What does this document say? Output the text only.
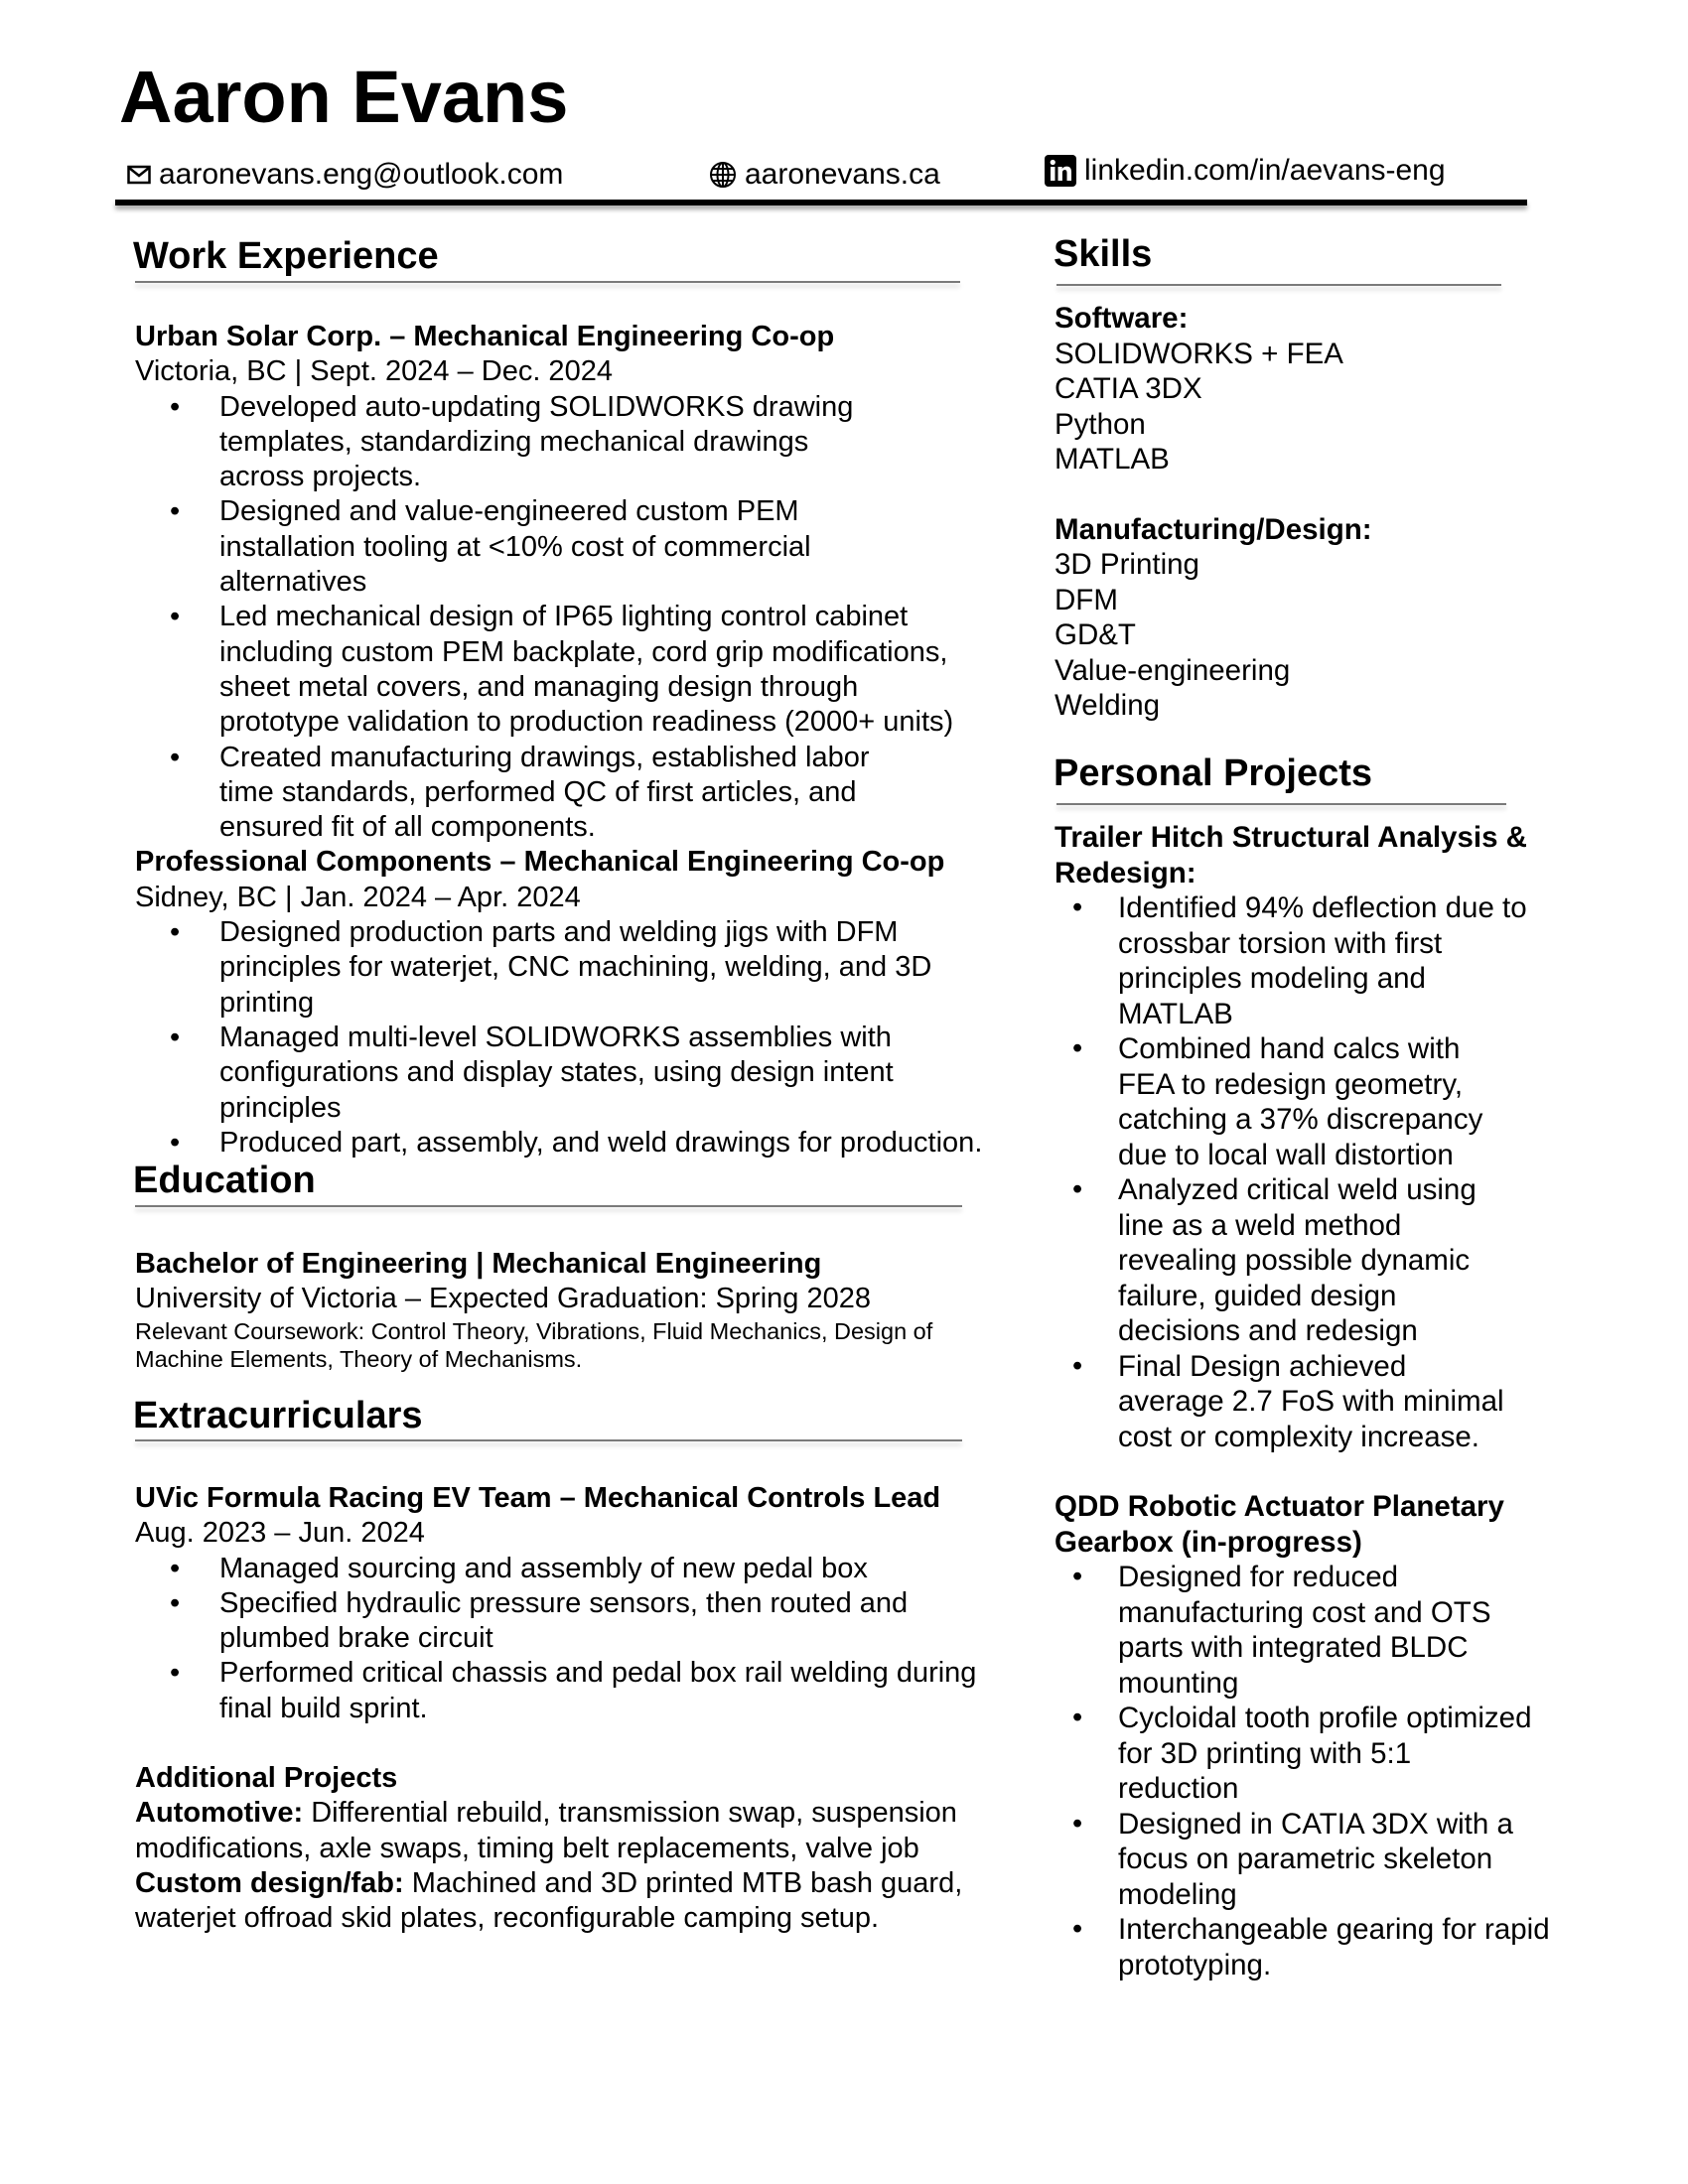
Aaron Evans
aaronevans.eng@outlook.com	aaronevans.ca	linkedin.com/in/aevans-eng
Work Experience
Urban Solar Corp. – Mechanical Engineering Co-op
Victoria, BC | Sept. 2024 – Dec. 2024
• Developed auto-updating SOLIDWORKS drawing templates, standardizing mechanical drawings across projects.
• Designed and value-engineered custom PEM installation tooling at <10% cost of commercial alternatives
• Led mechanical design of IP65 lighting control cabinet including custom PEM backplate, cord grip modifications, sheet metal covers, and managing design through prototype validation to production readiness (2000+ units)
• Created manufacturing drawings, established labor time standards, performed QC of first articles, and ensured fit of all components.
Professional Components – Mechanical Engineering Co-op
Sidney, BC | Jan. 2024 – Apr. 2024
• Designed production parts and welding jigs with DFM principles for waterjet, CNC machining, welding, and 3D printing
• Managed multi-level SOLIDWORKS assemblies with configurations and display states, using design intent principles
• Produced part, assembly, and weld drawings for production.
Education
Bachelor of Engineering | Mechanical Engineering
University of Victoria – Expected Graduation: Spring 2028
Relevant Coursework: Control Theory, Vibrations, Fluid Mechanics, Design of Machine Elements, Theory of Mechanisms.
Extracurriculars
UVic Formula Racing EV Team – Mechanical Controls Lead
Aug. 2023 – Jun. 2024
• Managed sourcing and assembly of new pedal box
• Specified hydraulic pressure sensors, then routed and plumbed brake circuit
• Performed critical chassis and pedal box rail welding during final build sprint.
Additional Projects
Automotive: Differential rebuild, transmission swap, suspension modifications, axle swaps, timing belt replacements, valve job
Custom design/fab: Machined and 3D printed MTB bash guard, waterjet offroad skid plates, reconfigurable camping setup.
Skills
Software:
SOLIDWORKS + FEA
CATIA 3DX
Python
MATLAB
Manufacturing/Design:
3D Printing
DFM
GD&T
Value-engineering
Welding
Personal Projects
Trailer Hitch Structural Analysis & Redesign:
• Identified 94% deflection due to crossbar torsion with first principles modeling and MATLAB
• Combined hand calcs with FEA to redesign geometry, catching a 37% discrepancy due to local wall distortion
• Analyzed critical weld using line as a weld method revealing possible dynamic failure, guided design decisions and redesign
• Final Design achieved average 2.7 FoS with minimal cost or complexity increase.
QDD Robotic Actuator Planetary Gearbox (in-progress)
• Designed for reduced manufacturing cost and OTS parts with integrated BLDC mounting
• Cycloidal tooth profile optimized for 3D printing with 5:1 reduction
• Designed in CATIA 3DX with a focus on parametric skeleton modeling
• Interchangeable gearing for rapid prototyping.
